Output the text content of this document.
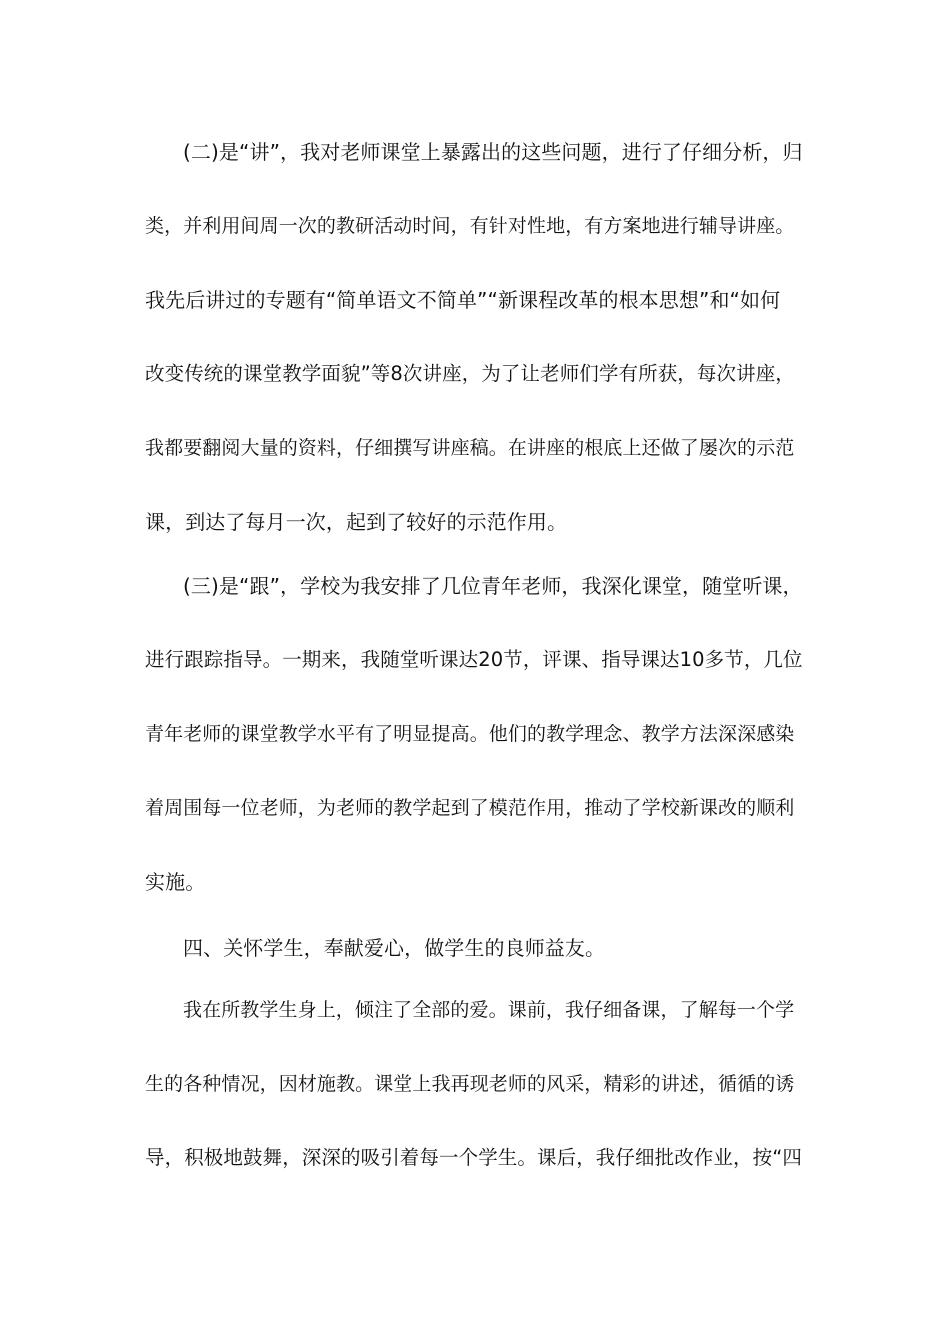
(二)是“讲”，我对老师课堂上暴露出的这些问题，进行了仔细分析，归
类，并利用间周一次的教研活动时间，有针对性地，有方案地进行辅导讲座。
我先后讲过的专题有“简单语文不简单”“新课程改革的根本思想”和“如何
改变传统的课堂教学面貌”等8次讲座，为了让老师们学有所获，每次讲座，
我都要翻阅大量的资料，仔细撰写讲座稿。在讲座的根底上还做了屡次的示范
课，到达了每月一次，起到了较好的示范作用。
(三)是“跟”，学校为我安排了几位青年老师，我深化课堂，随堂听课，
进行跟踪指导。一期来，我随堂听课达20节，评课、指导课达10多节，几位
青年老师的课堂教学水平有了明显提高。他们的教学理念、教学方法深深感染
着周围每一位老师，为老师的教学起到了模范作用，推动了学校新课改的顺利
实施。
四、关怀学生，奉献爱心，做学生的良师益友。
我在所教学生身上，倾注了全部的爱。课前，我仔细备课，了解每一个学
生的各种情况，因材施教。课堂上我再现老师的风采，精彩的讲述，循循的诱
导，积极地鼓舞，深深的吸引着每一个学生。课后，我仔细批改作业，按“四
